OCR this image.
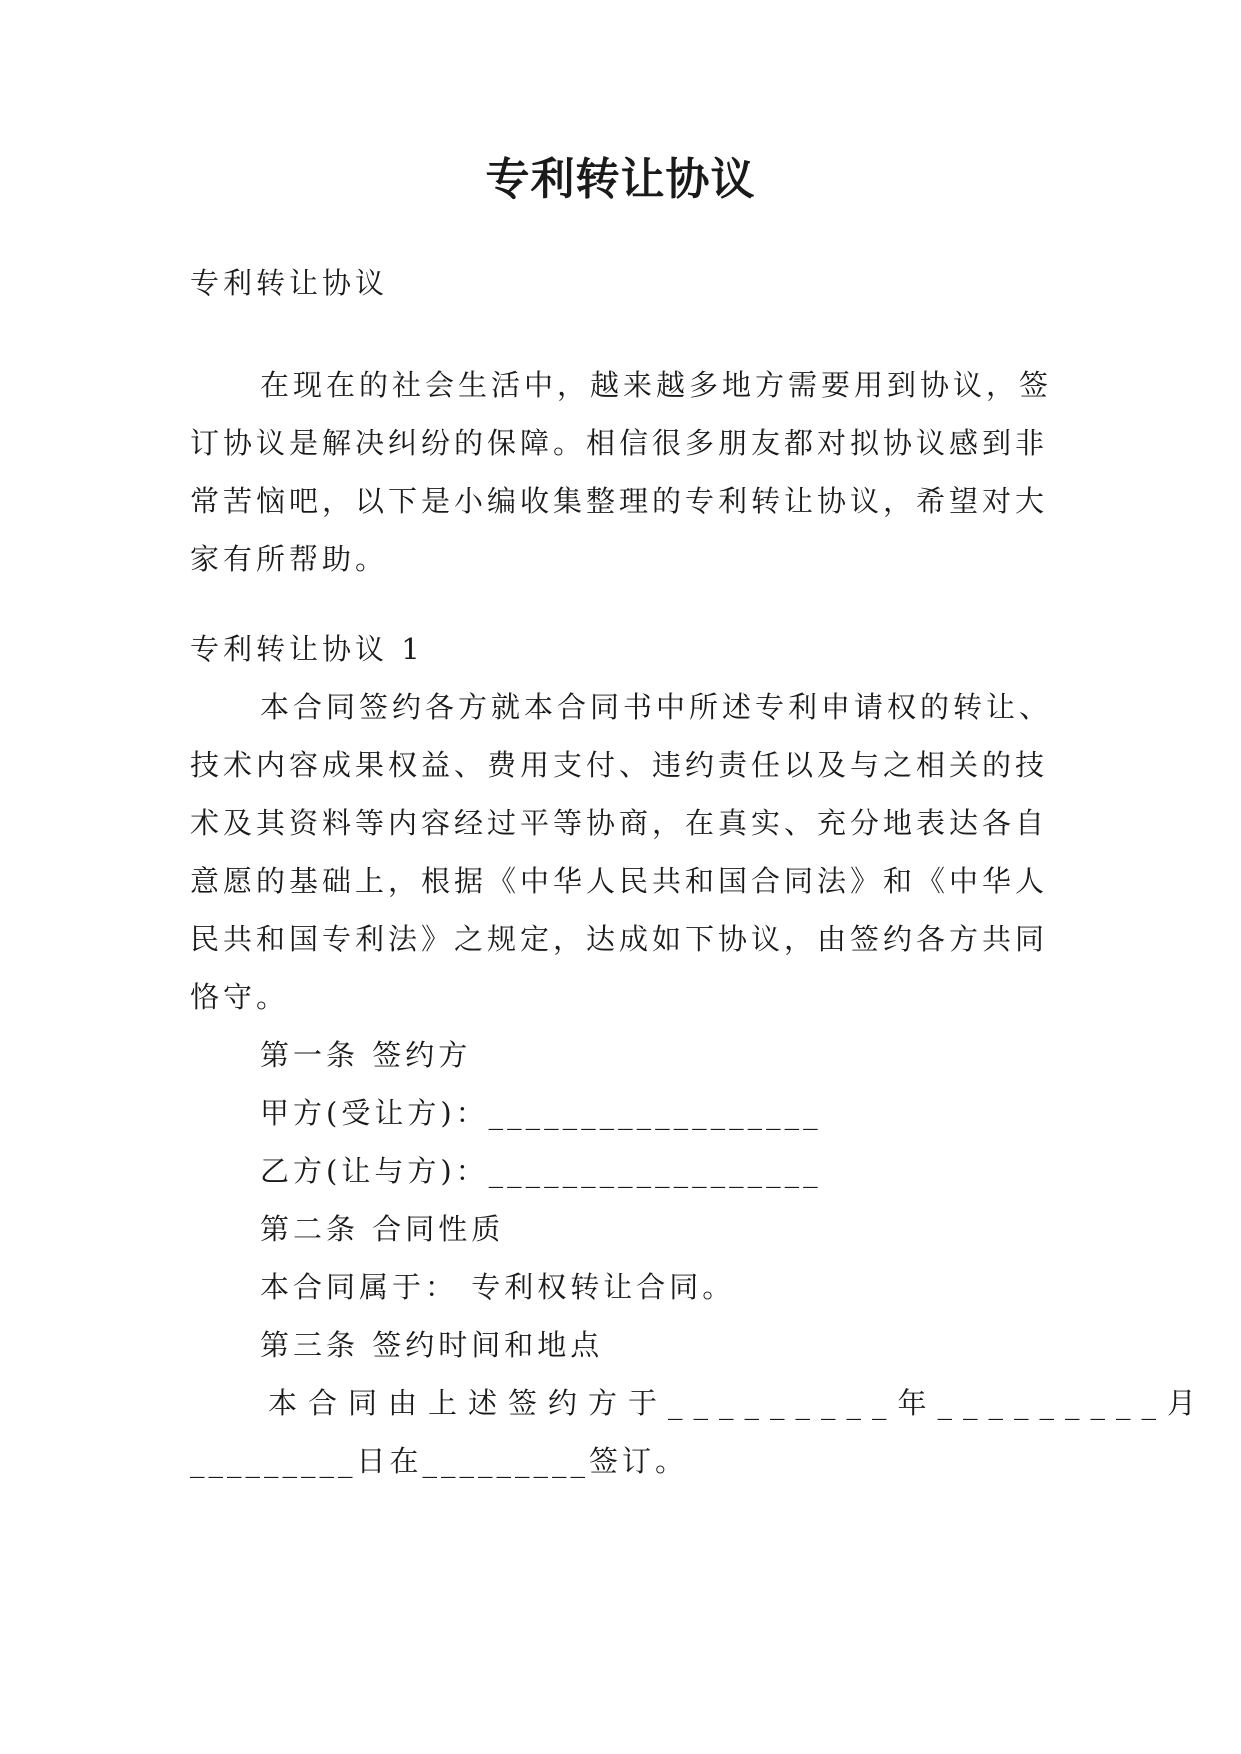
专利转让协议

专利转让协议

在现在的社会生活中，越来越多地方需要用到协议，签
订协议是解决纠纷的保障。相信很多朋友都对拟协议感到非
常苦恼吧，以下是小编收集整理的专利转让协议，希望对大
家有所帮助。

专利转让协议 1

本合同签约各方就本合同书中所述专利申请权的转让、
技术内容成果权益、费用支付、违约责任以及与之相关的技
术及其资料等内容经过平等协商，在真实、充分地表达各自
意愿的基础上，根据《中华人民共和国合同法》和《中华人
民共和国专利法》之规定，达成如下协议，由签约各方共同
恪守。
第一条 签约方
甲方(受让方)：__________________
乙方(让与方)：__________________
第二条 合同性质
本合同属于： 专利权转让合同。
第三条 签约时间和地点
本合同由上述签约方于_________年_________月
_________日在_________签订。
